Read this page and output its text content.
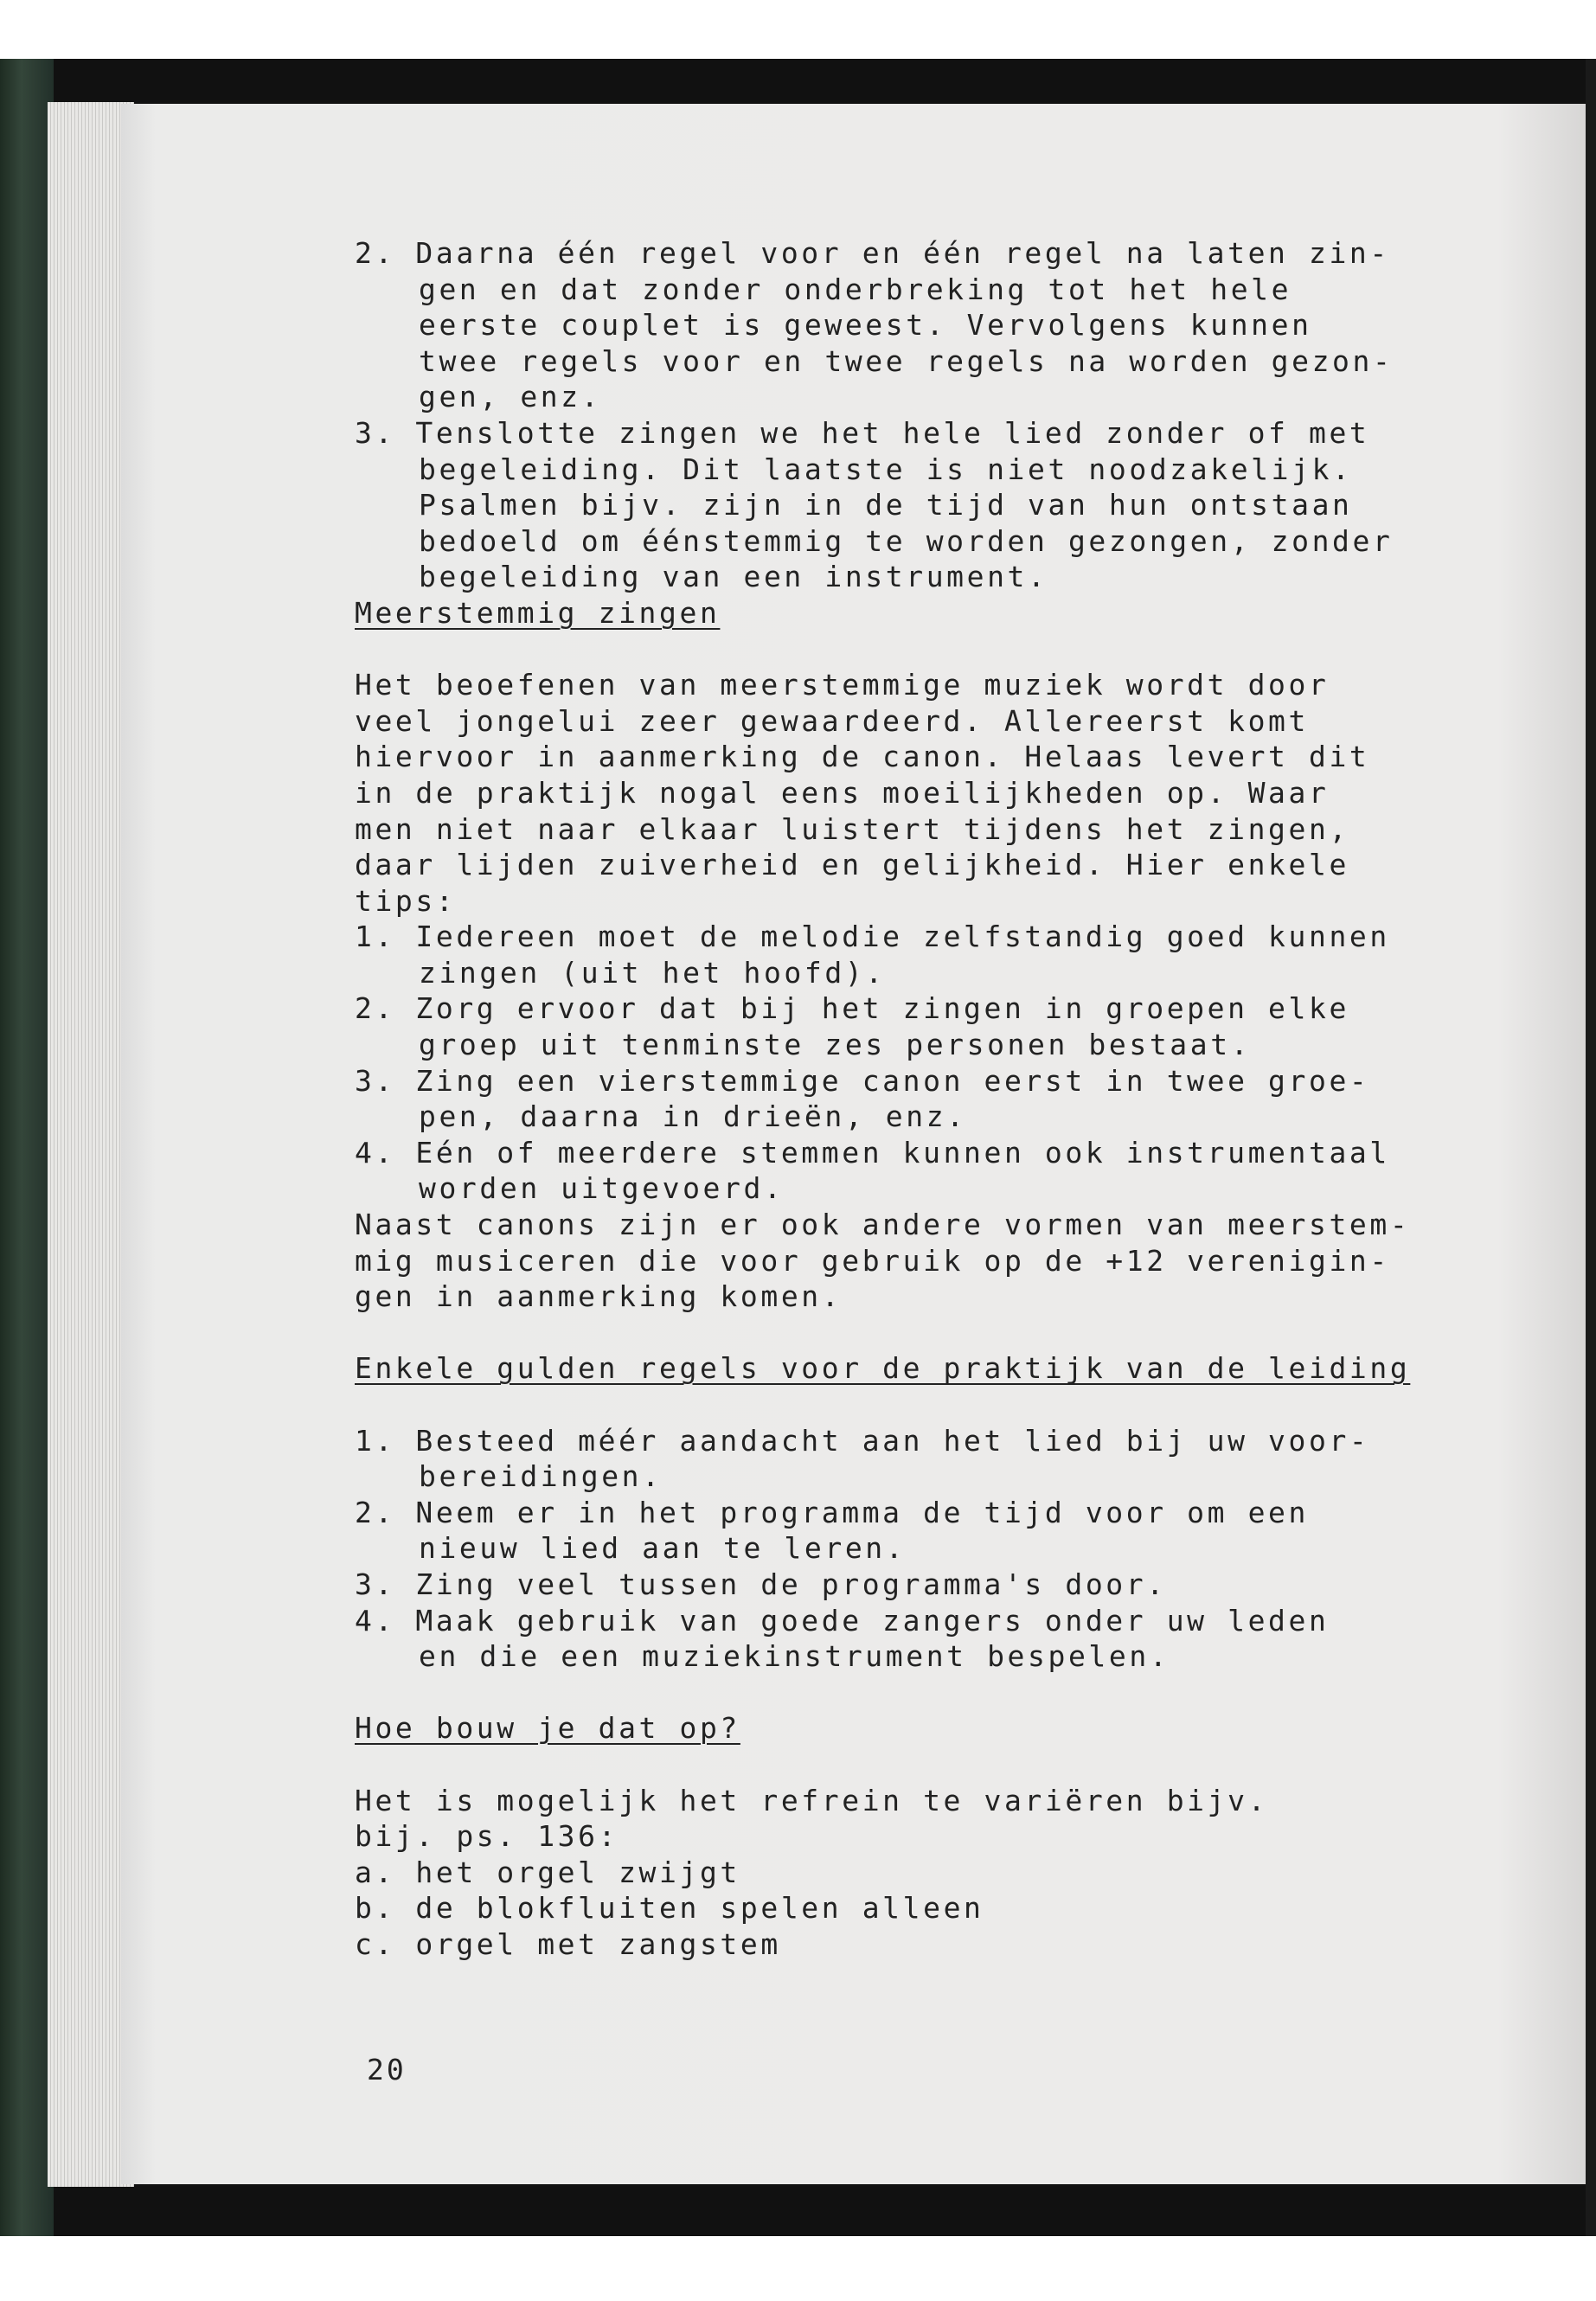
2. Daarna één regel voor en één regel na laten zin-
gen en dat zonder onderbreking tot het hele
eerste couplet is geweest. Vervolgens kunnen
twee regels voor en twee regels na worden gezon-
gen, enz.
3. Tenslotte zingen we het hele lied zonder of met
begeleiding. Dit laatste is niet noodzakelijk.
Psalmen bijv. zijn in de tijd van hun ontstaan
bedoeld om éénstemmig te worden gezongen, zonder
begeleiding van een instrument.
Meerstemmig zingen
Het beoefenen van meerstemmige muziek wordt door
veel jongelui zeer gewaardeerd. Allereerst komt
hiervoor in aanmerking de canon. Helaas levert dit
in de praktijk nogal eens moeilijkheden op. Waar
men niet naar elkaar luistert tijdens het zingen,
daar lijden zuiverheid en gelijkheid. Hier enkele
tips:
1. Iedereen moet de melodie zelfstandig goed kunnen
zingen (uit het hoofd).
2. Zorg ervoor dat bij het zingen in groepen elke
groep uit tenminste zes personen bestaat.
3. Zing een vierstemmige canon eerst in twee groe-
pen, daarna in drieën, enz.
4. Eén of meerdere stemmen kunnen ook instrumentaal
worden uitgevoerd.
Naast canons zijn er ook andere vormen van meerstem-
mig musiceren die voor gebruik op de +12 verenigin-
gen in aanmerking komen.
Enkele gulden regels voor de praktijk van de leiding
1. Besteed méér aandacht aan het lied bij uw voor-
bereidingen.
2. Neem er in het programma de tijd voor om een
nieuw lied aan te leren.
3. Zing veel tussen de programma's door.
4. Maak gebruik van goede zangers onder uw leden
en die een muziekinstrument bespelen.
Hoe bouw je dat op?
Het is mogelijk het refrein te variëren bijv.
bij. ps. 136:
a. het orgel zwijgt
b. de blokfluiten spelen alleen
c. orgel met zangstem
20
